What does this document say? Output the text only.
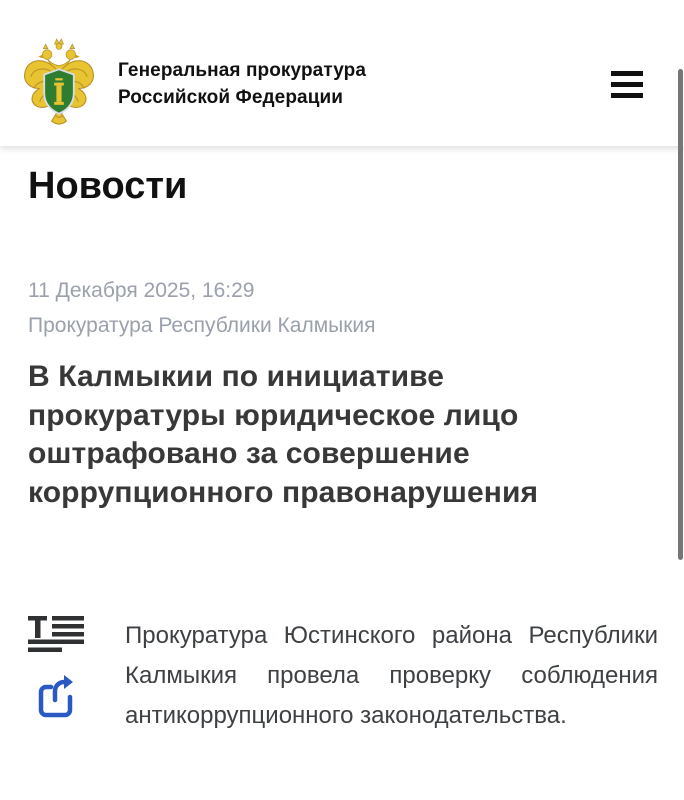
Генеральная прокуратура
Российской Федерации
Новости
11 Декабря 2025, 16:29
Прокуратура Республики Калмыкия
В Калмыкии по инициативе прокуратуры юридическое лицо оштрафовано за совершение коррупционного правонарушения

Прокуратура Юстинского района Республики Калмыкия провела проверку соблюдения антикоррупционного законодательства.
